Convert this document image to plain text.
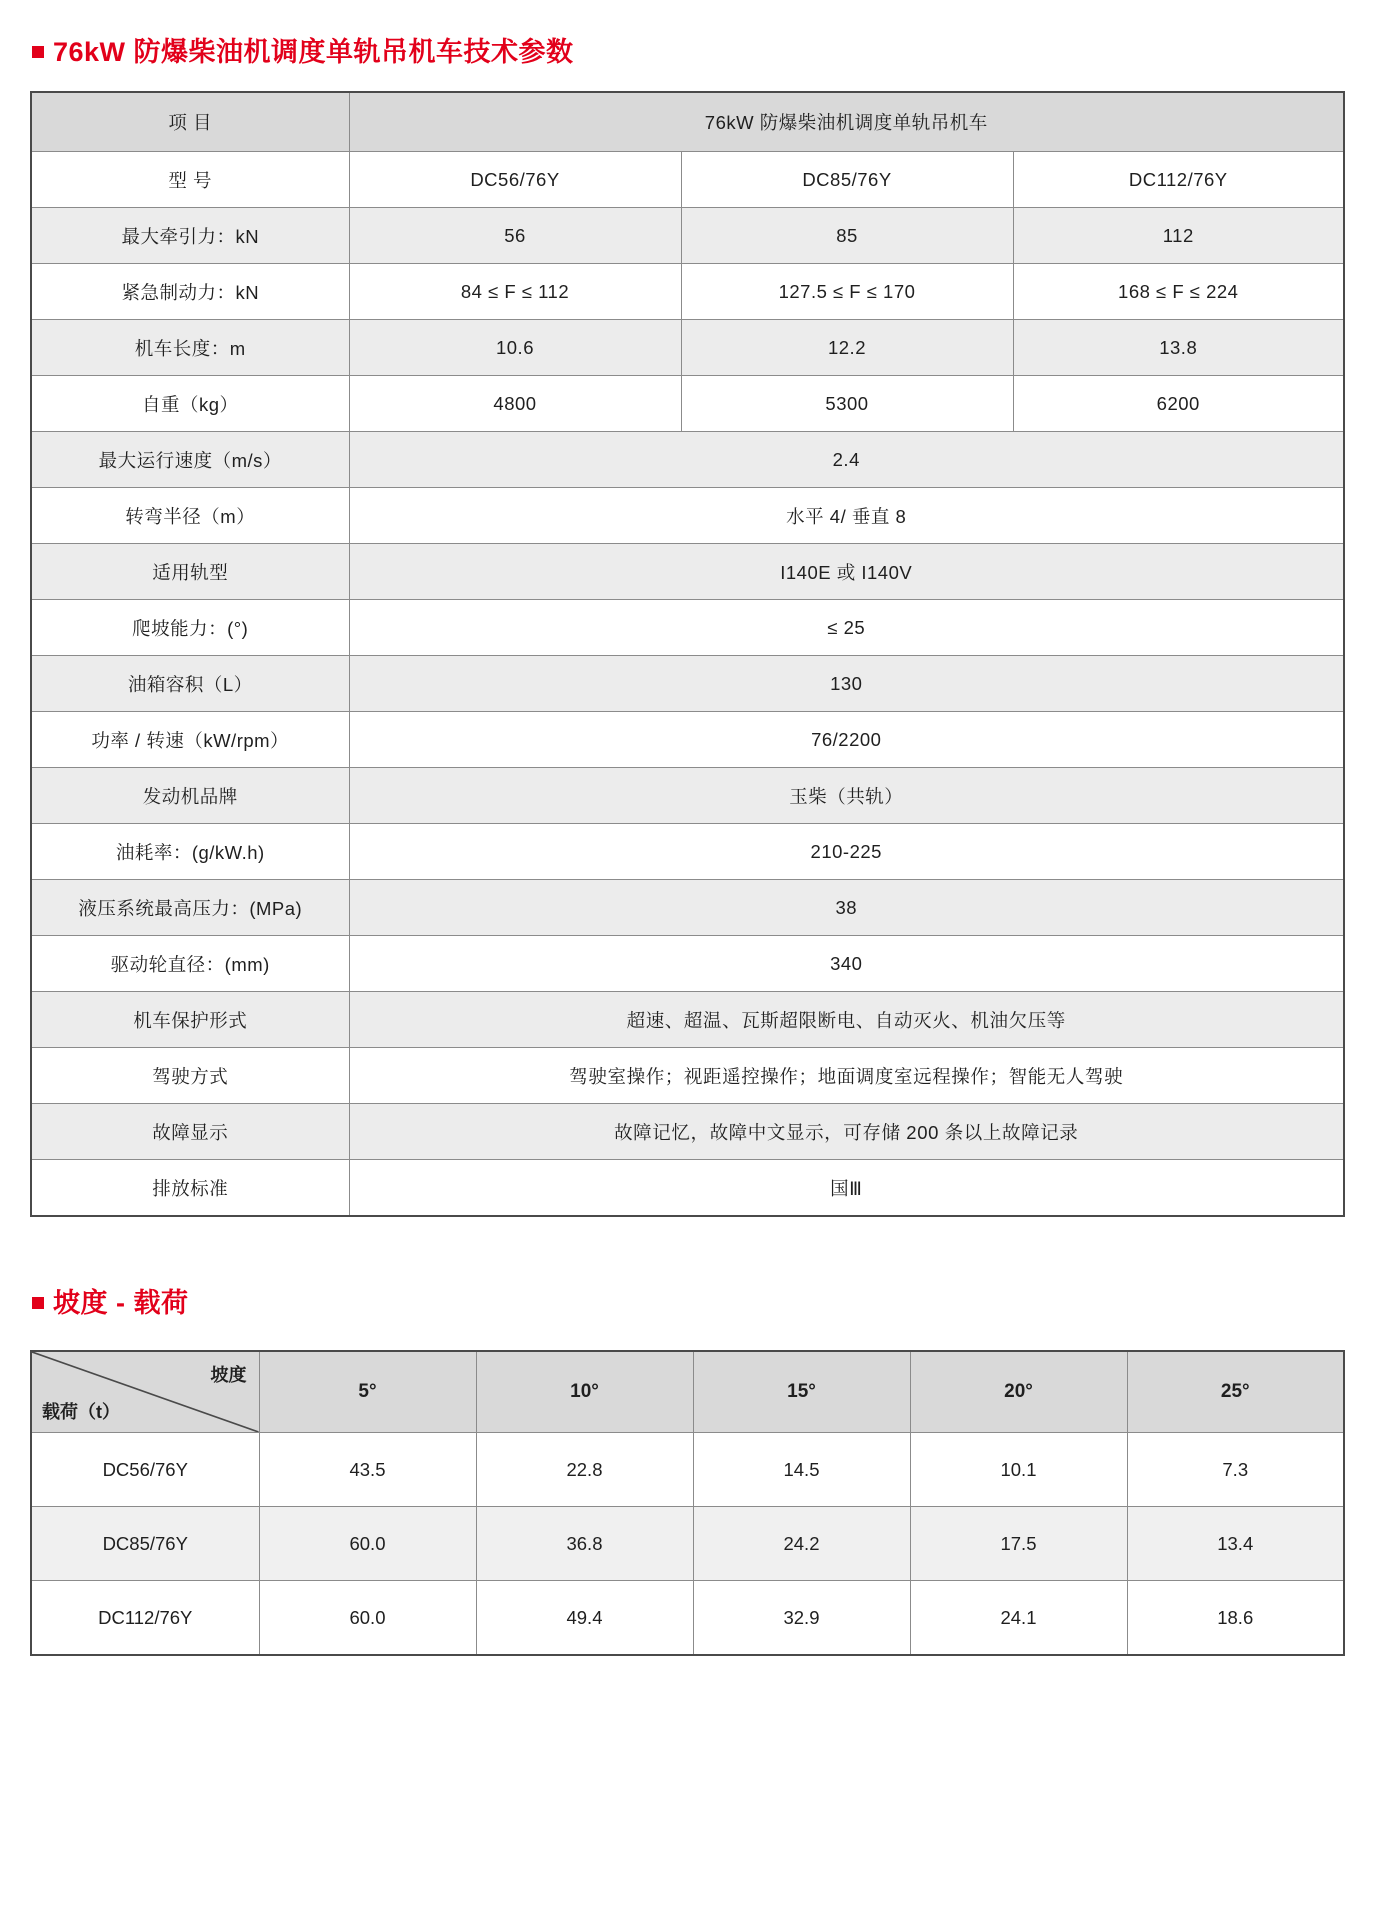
76kW 防爆柴油机调度单轨吊机车技术参数
项 目	76kW 防爆柴油机调度单轨吊机车		
型 号	DC56/76Y	DC85/76Y	DC112/76Y
最大牵引力：kN	56	85	112
紧急制动力：kN	84 ≤ F ≤ 112	127.5 ≤ F ≤ 170	168 ≤ F ≤ 224
机车长度：m	10.6	12.2	13.8
自重（kg）	4800	5300	6200
最大运行速度（m/s）	2.4		
转弯半径（m）	水平 4/ 垂直 8		
适用轨型	I140E 或 I140V		
爬坡能力：(°)	≤ 25		
油箱容积（L）	130		
功率 / 转速（kW/rpm）	76/2200		
发动机品牌	玉柴（共轨）		
油耗率：(g/kW.h)	210-225		
液压系统最高压力：(MPa)	38		
驱动轮直径：(mm)	340		
机车保护形式	超速、超温、瓦斯超限断电、自动灭火、机油欠压等		
驾驶方式	驾驶室操作；视距遥控操作；地面调度室远程操作；智能无人驾驶		
故障显示	故障记忆，故障中文显示，可存储 200 条以上故障记录		
排放标准	国Ⅲ		
坡度 - 载荷
坡度
载荷（t）	5°	10°	15°	20°	25°
DC56/76Y	43.5	22.8	14.5	10.1	7.3
DC85/76Y	60.0	36.8	24.2	17.5	13.4
DC112/76Y	60.0	49.4	32.9	24.1	18.6
